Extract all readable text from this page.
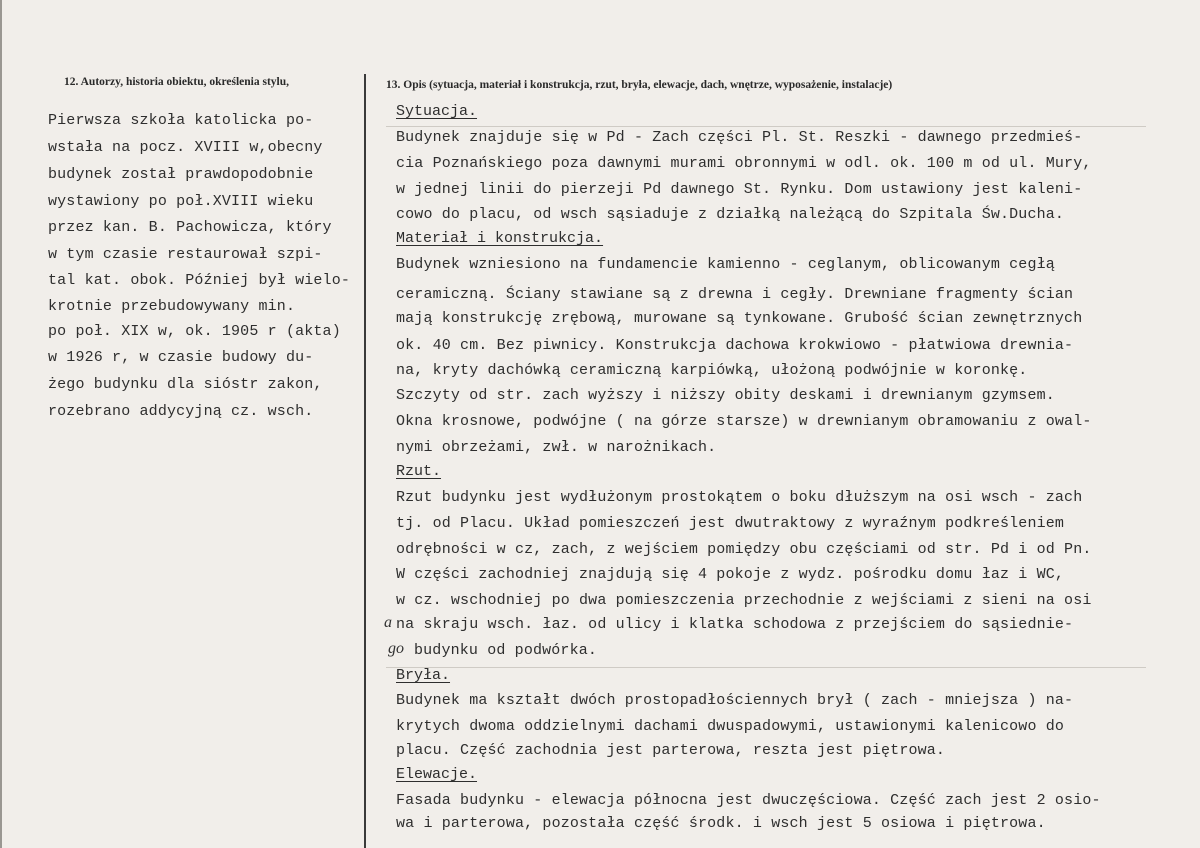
12. Autorzy, historia obiektu, określenia stylu,	13. Opis (sytuacja, materiał i konstrukcja, rzut, bryła, elewacje, dach, wnętrze, wyposażenie, instalacje)
Pierwsza szkoła katolicka po-
wstała na pocz. XVIII w,obecny
budynek został prawdopodobnie
wystawiony po poł.XVIII wieku
przez kan. B. Pachowicza, który
w tym czasie restaurował szpi-
tal kat. obok. Później był wielo-
krotnie przebudowywany min.
po poł. XIX w, ok. 1905 r (akta)
w 1926 r, w czasie budowy du-
żego budynku dla sióstr zakon,
rozebrano addycyjną cz. wsch.
Sytuacja.
Budynek znajduje się w Pd - Zach części Pl. St. Reszki - dawnego przedmieś-
cia Poznańskiego poza dawnymi murami obronnymi w odl. ok. 100 m od ul. Mury,
w jednej linii do pierzeji Pd dawnego St. Rynku. Dom ustawiony jest kaleni-
cowo do placu, od wsch sąsiaduje z działką należącą do Szpitala Św.Ducha.
Materiał i konstrukcja.
Budynek wzniesiono na fundamencie kamienno - ceglanym, oblicowanym cegłą
ceramiczną. Ściany stawiane są z drewna i cegły. Drewniane fragmenty ścian
mają konstrukcję zrębową, murowane są tynkowane. Grubość ścian zewnętrznych
ok. 40 cm. Bez piwnicy. Konstrukcja dachowa krokwiowo - płatwiowa drewnia-
na, kryty dachówką ceramiczną karpiówką, ułożoną podwójnie w koronkę.
Szczyty od str. zach wyższy i niższy obity deskami i drewnianym gzymsem.
Okna krosnowe, podwójne ( na górze starsze) w drewnianym obramowaniu z owal-
nymi obrzeżami, zwł. w narożnikach.
Rzut.
Rzut budynku jest wydłużonym prostokątem o boku dłuższym na osi wsch - zach
tj. od Placu. Układ pomieszczeń jest dwutraktowy z wyraźnym podkreśleniem
odrębności w cz, zach, z wejściem pomiędzy obu częściami od str. Pd i od Pn.
W części zachodniej znajdują się 4 pokoje z wydz. pośrodku domu łaz i WC,
w cz. wschodniej po dwa pomieszczenia przechodnie z wejściami z sieni na osi
a na skraju wsch. łaz. od ulicy i klatka schodowa z przejściem do sąsiednie-
go budynku od podwórka.
Bryła.
Budynek ma kształt dwóch prostopadłościennych brył ( zach - mniejsza ) na-
krytych dwoma oddzielnymi dachami dwuspadowymi, ustawionymi kalenicowo do
placu. Część zachodnia jest parterowa, reszta jest piętrowa.
Elewacje.
Fasada budynku - elewacja północna jest dwuczęściowa. Część zach jest 2 osio-
wa i parterowa, pozostała część środk. i wsch jest 5 osiowa i piętrowa.
